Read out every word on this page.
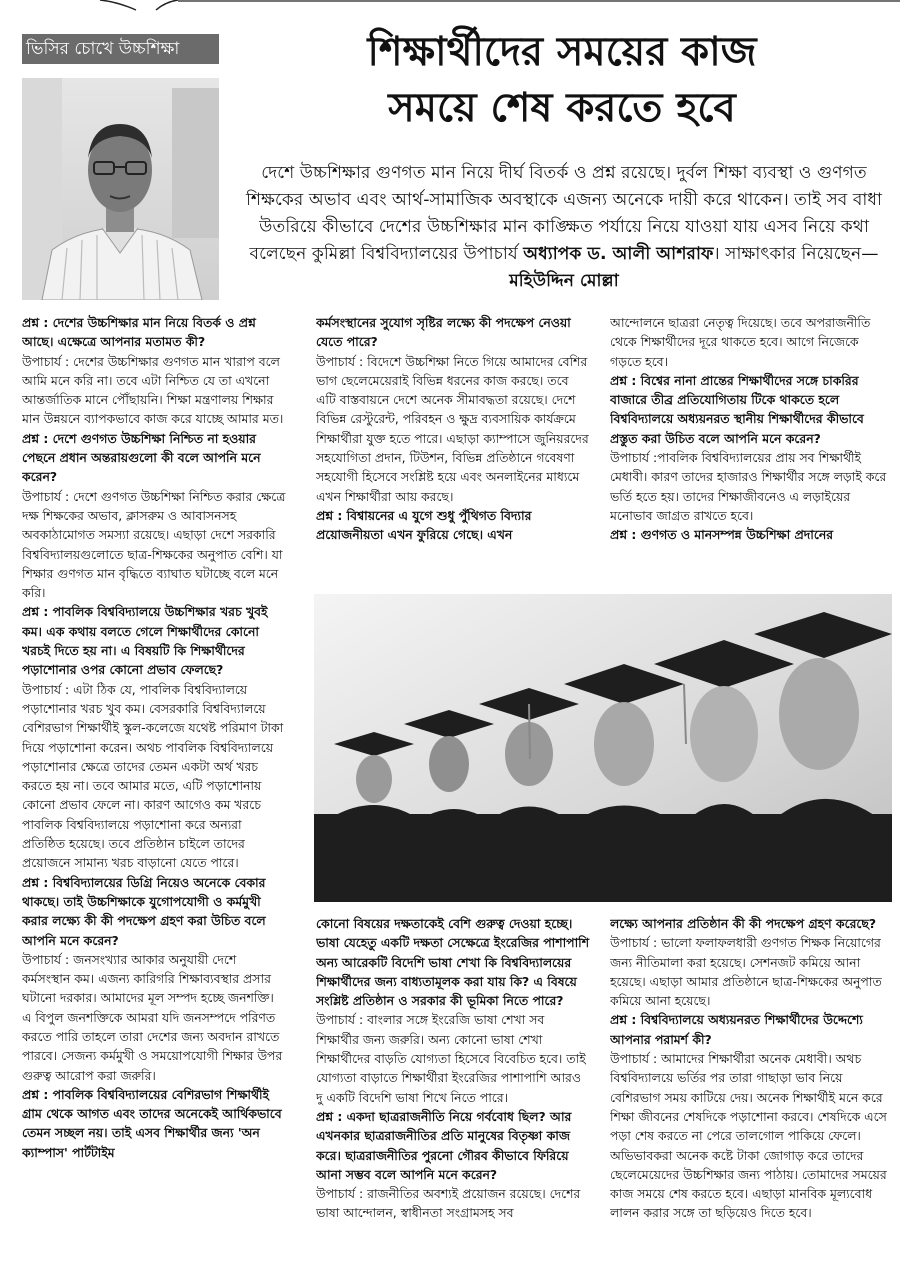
ভিসির চোখে উচ্চশিক্ষা	শিক্ষার্থীদের সময়ের কাজ
সময়ে শেষ করতে হবে
দেশে উচ্চশিক্ষার গুণগত মান নিয়ে দীর্ঘ বিতর্ক ও প্রশ্ন রয়েছে। দুর্বল শিক্ষা ব্যবস্থা ও গুণগত শিক্ষকের অভাব এবং আর্থ-সামাজিক অবস্থাকে এজন্য অনেকে দায়ী করে থাকেন। তাই সব বাধা উতরিয়ে কীভাবে দেশের উচ্চশিক্ষার মান কাঙ্ক্ষিত পর্যায়ে নিয়ে যাওয়া যায় এসব নিয়ে কথা বলেছেন কুমিল্লা বিশ্ববিদ্যালয়ের উপাচার্য অধ্যাপক ড. আলী আশরাফ। সাক্ষাৎকার নিয়েছেন—মহিউদ্দিন মোল্লা

প্রশ্ন : দেশের উচ্চশিক্ষার মান নিয়ে বিতর্ক ও প্রশ্ন আছে। এক্ষেত্রে আপনার মতামত কী?

উপাচার্য : দেশের উচ্চশিক্ষার গুণগত মান খারাপ বলে আমি মনে করি না। তবে এটা নিশ্চিত যে তা এখনো আন্তর্জাতিক মানে পৌঁছায়নি। শিক্ষা মন্ত্রণালয় শিক্ষার মান উন্নয়নে ব্যাপকভাবে কাজ করে যাচ্ছে আমার মত।

প্রশ্ন : দেশে গুণগত উচ্চশিক্ষা নিশ্চিত না হওয়ার পেছনে প্রধান অন্তরায়গুলো কী বলে আপনি মনে করেন?

উপাচার্য : দেশে গুণগত উচ্চশিক্ষা নিশ্চিত করার ক্ষেত্রে দক্ষ শিক্ষকের অভাব, ক্লাসরুম ও আবাসনসহ অবকাঠামোগত সমস্যা রয়েছে। এছাড়া দেশে সরকারি বিশ্ববিদ্যালয়গুলোতে ছাত্র-শিক্ষকের অনুপাত বেশি। যা শিক্ষার গুণগত মান বৃদ্ধিতে ব্যাঘাত ঘটাচ্ছে বলে মনে করি।

প্রশ্ন : পাবলিক বিশ্ববিদ্যালয়ে উচ্চশিক্ষার খরচ খুবই কম। এক কথায় বলতে গেলে শিক্ষার্থীদের কোনো খরচই দিতে হয় না। এ বিষয়টি কি শিক্ষার্থীদের পড়াশোনার ওপর কোনো প্রভাব ফেলছে?

উপাচার্য : এটা ঠিক যে, পাবলিক বিশ্ববিদ্যালয়ে পড়াশোনার খরচ খুব কম। বেসরকারি বিশ্ববিদ্যালয়ে বেশিরভাগ শিক্ষার্থীই স্কুল-কলেজে যথেষ্ট পরিমাণ টাকা দিয়ে পড়াশোনা করেন। অথচ পাবলিক বিশ্ববিদ্যালয়ে পড়াশোনার ক্ষেত্রে তাদের তেমন একটা অর্থ খরচ করতে হয় না। তবে আমার মতে, এটি পড়াশোনায় কোনো প্রভাব ফেলে না। কারণ আগেও কম খরচে পাবলিক বিশ্ববিদ্যালয়ে পড়াশোনা করে অন্যরা প্রতিষ্ঠিত হয়েছে। তবে প্রতিষ্ঠান চাইলে তাদের প্রয়োজনে সামান্য খরচ বাড়ানো যেতে পারে।

প্রশ্ন : বিশ্ববিদ্যালয়ের ডিগ্রি নিয়েও অনেকে বেকার থাকছে। তাই উচ্চশিক্ষাকে যুগোপযোগী ও কর্মমুখী করার লক্ষ্যে কী কী পদক্ষেপ গ্রহণ করা উচিত বলে আপনি মনে করেন?

উপাচার্য : জনসংখ্যার আকার অনুযায়ী দেশে কর্মসংস্থান কম। এজন্য কারিগরি শিক্ষাব্যবস্থার প্রসার ঘটানো দরকার। আমাদের মূল সম্পদ হচ্ছে জনশক্তি। এ বিপুল জনশক্তিকে আমরা যদি জনসম্পদে পরিণত করতে পারি তাহলে তারা দেশের জন্য অবদান রাখতে পারবে। সেজন্য কর্মমুখী ও সময়োপযোগী শিক্ষার উপর গুরুত্ব আরোপ করা জরুরি।

প্রশ্ন : পাবলিক বিশ্ববিদ্যালয়ের বেশিরভাগ শিক্ষার্থীই গ্রাম থেকে আগত এবং তাদের অনেকেই আর্থিকভাবে তেমন সচ্ছল নয়। তাই এসব শিক্ষার্থীর জন্য 'অন ক্যাম্পাস' পার্টটাইম

কর্মসংস্থানের সুযোগ সৃষ্টির লক্ষ্যে কী পদক্ষেপ নেওয়া যেতে পারে?

উপাচার্য : বিদেশে উচ্চশিক্ষা নিতে গিয়ে আমাদের বেশির ভাগ ছেলেমেয়েরাই বিভিন্ন ধরনের কাজ করছে। তবে এটি বাস্তবায়নে দেশে অনেক সীমাবদ্ধতা রয়েছে। দেশে বিভিন্ন রেস্টুরেন্ট, পরিবহন ও ক্ষুদ্র ব্যবসায়িক কার্যক্রমে শিক্ষার্থীরা যুক্ত হতে পারে। এছাড়া ক্যাম্পাসে জুনিয়রদের সহযোগিতা প্রদান, টিউশন, বিভিন্ন প্রতিষ্ঠানে গবেষণা সহযোগী হিসেবে সংশ্লিষ্ট হয়ে এবং অনলাইনের মাধ্যমে এখন শিক্ষার্থীরা আয় করছে।

প্রশ্ন : বিশ্বায়নের এ যুগে শুধু পুঁথিগত বিদ্যার প্রয়োজনীয়তা এখন ফুরিয়ে গেছে। এখন

আন্দোলনে ছাত্ররা নেতৃত্ব দিয়েছে। তবে অপরাজনীতি থেকে শিক্ষার্থীদের দূরে থাকতে হবে। আগে নিজেকে গড়তে হবে।

প্রশ্ন : বিশ্বের নানা প্রান্তের শিক্ষার্থীদের সঙ্গে চাকরির বাজারে তীব্র প্রতিযোগিতায় টিকে থাকতে হলে বিশ্ববিদ্যালয়ে অধ্যয়নরত স্থানীয় শিক্ষার্থীদের কীভাবে প্রস্তুত করা উচিত বলে আপনি মনে করেন?

উপাচার্য :পাবলিক বিশ্ববিদ্যালয়ের প্রায় সব শিক্ষার্থীই মেধাবী। কারণ তাদের হাজারও শিক্ষার্থীর সঙ্গে লড়াই করে ভর্তি হতে হয়। তাদের শিক্ষাজীবনেও এ লড়াইয়ের মনোভাব জাগ্রত রাখতে হবে।

প্রশ্ন : গুণগত ও মানসম্পন্ন উচ্চশিক্ষা প্রদানের

কোনো বিষয়ের দক্ষতাকেই বেশি গুরুত্ব দেওয়া হচ্ছে। ভাষা যেহেতু একটি দক্ষতা সেক্ষেত্রে ইংরেজির পাশাপাশি অন্য আরেকটি বিদেশি ভাষা শেখা কি বিশ্ববিদ্যালয়ের শিক্ষার্থীদের জন্য বাধ্যতামূলক করা যায় কি? এ বিষয়ে সংশ্লিষ্ট প্রতিষ্ঠান ও সরকার কী ভূমিকা নিতে পারে?

উপাচার্য : বাংলার সঙ্গে ইংরেজি ভাষা শেখা সব শিক্ষার্থীর জন্য জরুরি। অন্য কোনো ভাষা শেখা শিক্ষার্থীদের বাড়তি যোগ্যতা হিসেবে বিবেচিত হবে। তাই যোগ্যতা বাড়াতে শিক্ষার্থীরা ইংরেজির পাশাপাশি আরও দু একটি বিদেশি ভাষা শিখে নিতে পারে।

প্রশ্ন : একদা ছাত্ররাজনীতি নিয়ে গর্ববোধ ছিল? আর এখনকার ছাত্ররাজনীতির প্রতি মানুষের বিতৃষ্ণা কাজ করে। ছাত্ররাজনীতির পুরনো গৌরব কীভাবে ফিরিয়ে আনা সম্ভব বলে আপনি মনে করেন?

উপাচার্য : রাজনীতির অবশ্যই প্রয়োজন রয়েছে। দেশের ভাষা আন্দোলন, স্বাধীনতা সংগ্রামসহ সব

লক্ষ্যে আপনার প্রতিষ্ঠান কী কী পদক্ষেপ গ্রহণ করেছে?

উপাচার্য : ভালো ফলাফলধারী গুণগত শিক্ষক নিয়োগের জন্য নীতিমালা করা হয়েছে। সেশনজট কমিয়ে আনা হয়েছে। এছাড়া আমার প্রতিষ্ঠানে ছাত্র-শিক্ষকের অনুপাত কমিয়ে আনা হয়েছে।

প্রশ্ন : বিশ্ববিদ্যালয়ে অধ্যয়নরত শিক্ষার্থীদের উদ্দেশ্যে আপনার পরামর্শ কী?

উপাচার্য : আমাদের শিক্ষার্থীরা অনেক মেধাবী। অথচ বিশ্ববিদ্যালয়ে ভর্তির পর তারা গাছাড়া ভাব নিয়ে বেশিরভাগ সময় কাটিয়ে দেয়। অনেক শিক্ষার্থীই মনে করে শিক্ষা জীবনের শেষদিকে পড়াশোনা করবে। শেষদিকে এসে পড়া শেষ করতে না পেরে তালগোল পাকিয়ে ফেলে। অভিভাবকরা অনেক কষ্টে টাকা জোগাড় করে তাদের ছেলেমেয়েদের উচ্চশিক্ষার জন্য পাঠায়। তোমাদের সময়ের কাজ সময়ে শেষ করতে হবে। এছাড়া মানবিক মূল্যবোধ লালন করার সঙ্গে তা ছড়িয়েও দিতে হবে।
